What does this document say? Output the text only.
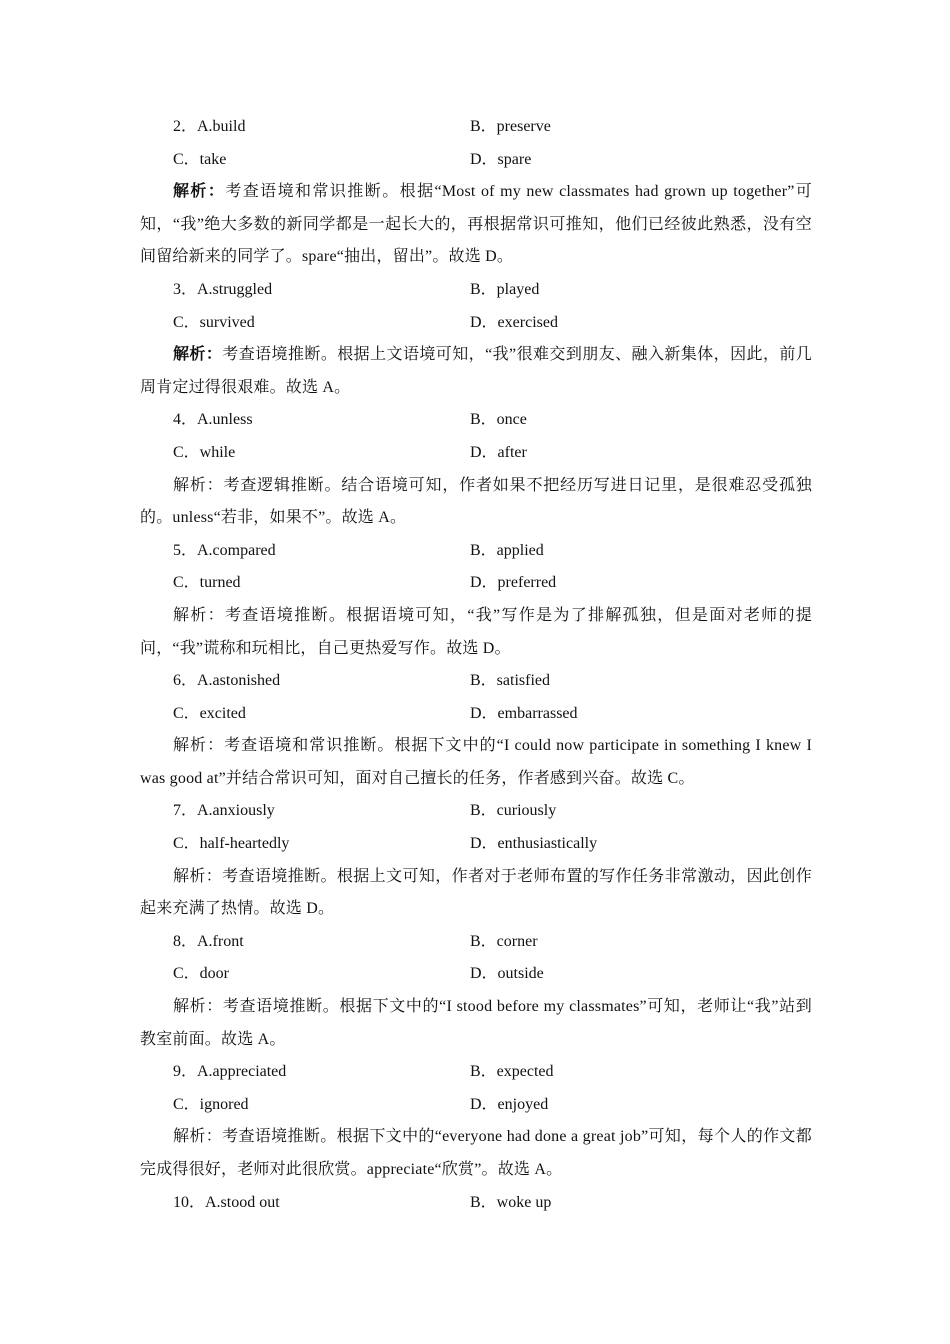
2．A.build	B．preserve
C．take	D．spare

解析：考查语境和常识推断。根据“Most of my new classmates had grown up together”可知，“我”绝大多数的新同学都是一起长大的，再根据常识可推知，他们已经彼此熟悉，没有空间留给新来的同学了。spare“抽出，留出”。故选 D。

3．A.struggled	B．played
C．survived	D．exercised

解析：考查语境推断。根据上文语境可知，“我”很难交到朋友、融入新集体，因此，前几周肯定过得很艰难。故选 A。

4．A.unless	B．once
C．while	D．after

解析：考查逻辑推断。结合语境可知，作者如果不把经历写进日记里，是很难忍受孤独的。unless“若非，如果不”。故选 A。

5．A.compared	B．applied
C．turned	D．preferred

解析：考查语境推断。根据语境可知，“我”写作是为了排解孤独，但是面对老师的提问，“我”谎称和玩相比，自己更热爱写作。故选 D。

6．A.astonished	B．satisfied
C．excited	D．embarrassed

解析：考查语境和常识推断。根据下文中的“I could now participate in something I knew I was good at”并结合常识可知，面对自己擅长的任务，作者感到兴奋。故选 C。

7．A.anxiously	B．curiously
C．half-heartedly	D．enthusiastically

解析：考查语境推断。根据上文可知，作者对于老师布置的写作任务非常激动，因此创作起来充满了热情。故选 D。

8．A.front	B．corner
C．door	D．outside

解析：考查语境推断。根据下文中的“I stood before my classmates”可知，老师让“我”站到教室前面。故选 A。

9．A.appreciated	B．expected
C．ignored	D．enjoyed

解析：考查语境推断。根据下文中的“everyone had done a great job”可知，每个人的作文都完成得很好，老师对此很欣赏。appreciate“欣赏”。故选 A。

10．A.stood out	B．woke up
